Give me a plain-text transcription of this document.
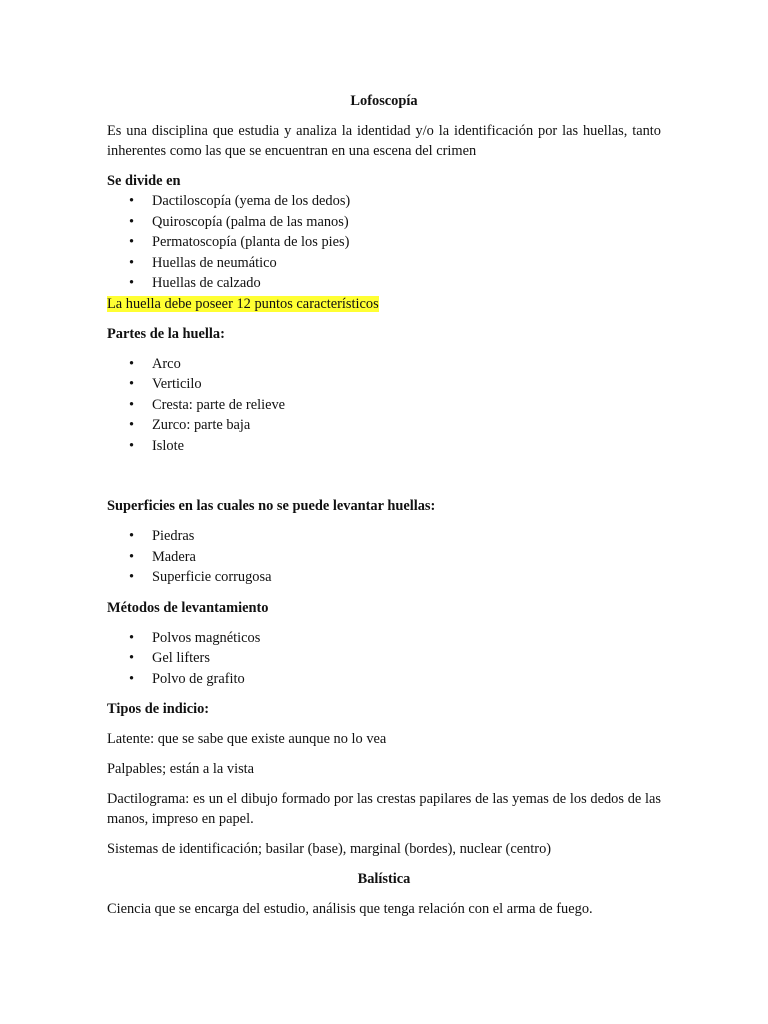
Lofoscopía

Es una disciplina que estudia y analiza la identidad y/o la identificación por las huellas, tanto inherentes como las que se encuentran en una escena del crimen

Se divide en
• Dactiloscopía (yema de los dedos)
• Quiroscopía (palma de las manos)
• Permatoscopía (planta de los pies)
• Huellas de neumático
• Huellas de calzado
La huella debe poseer 12 puntos característicos
Partes de la huella:
• Arco
• Verticilo
• Cresta: parte de relieve
• Zurco: parte baja
• Islote
Superficies en las cuales no se puede levantar huellas:
• Piedras
• Madera
• Superficie corrugosa
Métodos de levantamiento
• Polvos magnéticos
• Gel lifters
• Polvo de grafito
Tipos de indicio:

Latente: que se sabe que existe aunque no lo vea

Palpables; están a la vista

Dactilograma: es un el dibujo formado por las crestas papilares de las yemas de los dedos de las manos, impreso en papel.

Sistemas de identificación; basilar (base), marginal (bordes), nuclear (centro)

Balística

Ciencia que se encarga del estudio, análisis que tenga relación con el arma de fuego.
